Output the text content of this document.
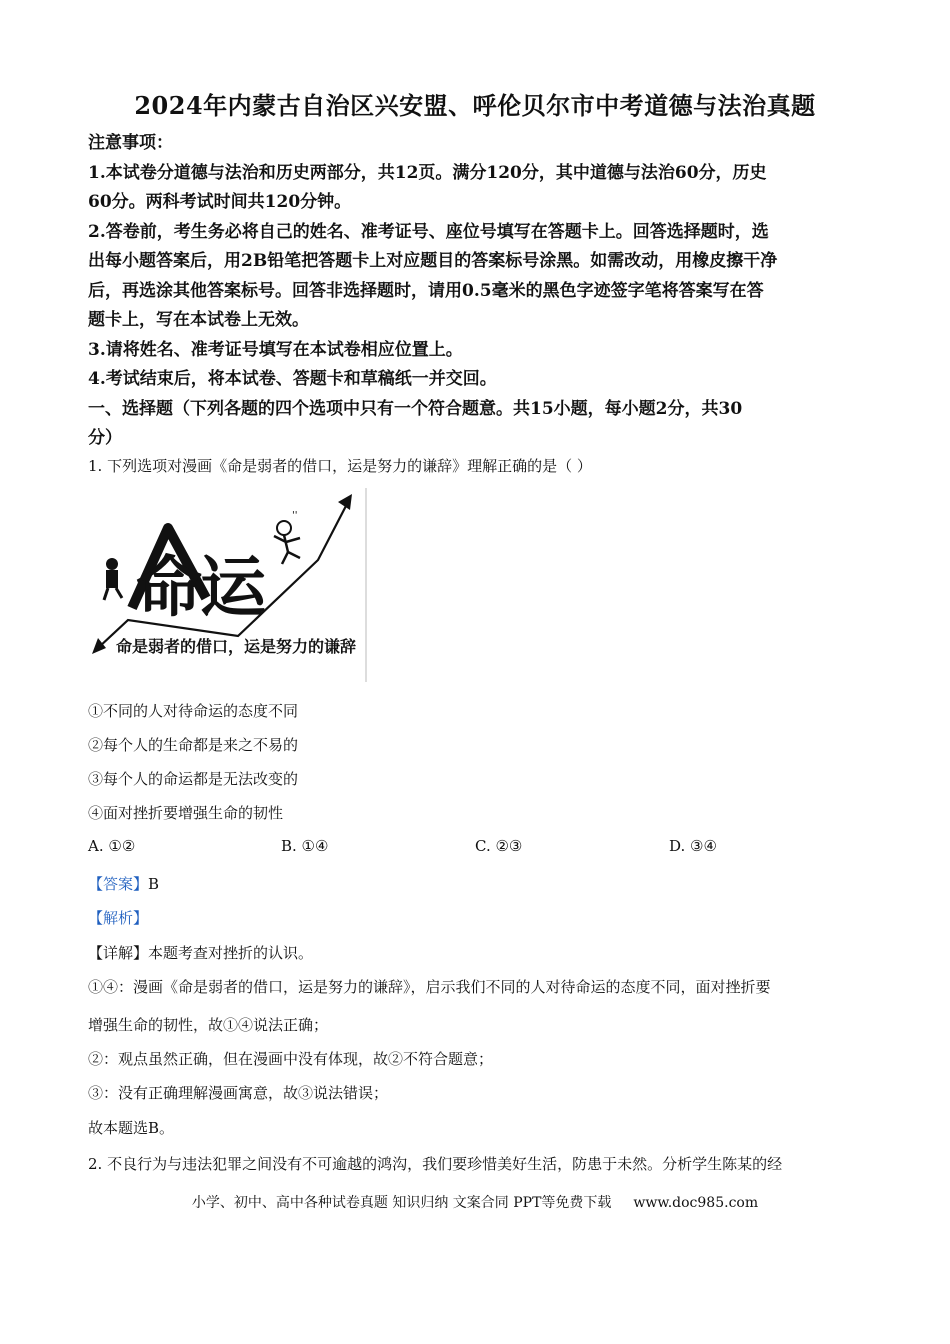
2024年内蒙古自治区兴安盟、呼伦贝尔市中考道德与法治真题

注意事项：

1.本试卷分道德与法治和历史两部分，共12页。满分120分，其中道德与法治60分，历史

60分。两科考试时间共120分钟。

2.答卷前，考生务必将自己的姓名、准考证号、座位号填写在答题卡上。回答选择题时，选

出每小题答案后，用2B铅笔把答题卡上对应题目的答案标号涂黑。如需改动，用橡皮擦干净

后，再选涂其他答案标号。回答非选择题时，请用0.5毫米的黑色字迹签字笔将答案写在答

题卡上，写在本试卷上无效。

3.请将姓名、准考证号填写在本试卷相应位置上。

4.考试结束后，将本试卷、答题卡和草稿纸一并交回。

一、选择题（下列各题的四个选项中只有一个符合题意。共15小题，每小题2分，共30

分）

1. 下列选项对漫画《命是弱者的借口，运是努力的谦辞》理解正确的是（ ）
''
命
运
命是弱者的借口，运是努力的谦辞
①不同的人对待命运的态度不同
②每个人的生命都是来之不易的
③每个人的命运都是无法改变的
④面对挫折要增强生命的韧性
A. ①②	B. ①④	C. ②③	D. ③④
【答案】B
【解析】
【详解】本题考查对挫折的认识。
①④：漫画《命是弱者的借口，运是努力的谦辞》，启示我们不同的人对待命运的态度不同，面对挫折要
增强生命的韧性，故①④说法正确；
②：观点虽然正确，但在漫画中没有体现，故②不符合题意；
③：没有正确理解漫画寓意，故③说法错误；
故本题选B。
2. 不良行为与违法犯罪之间没有不可逾越的鸿沟，我们要珍惜美好生活，防患于未然。分析学生陈某的经
小学、初中、高中各种试卷真题 知识归纳 文案合同 PPT等免费下载 www.doc985.com
